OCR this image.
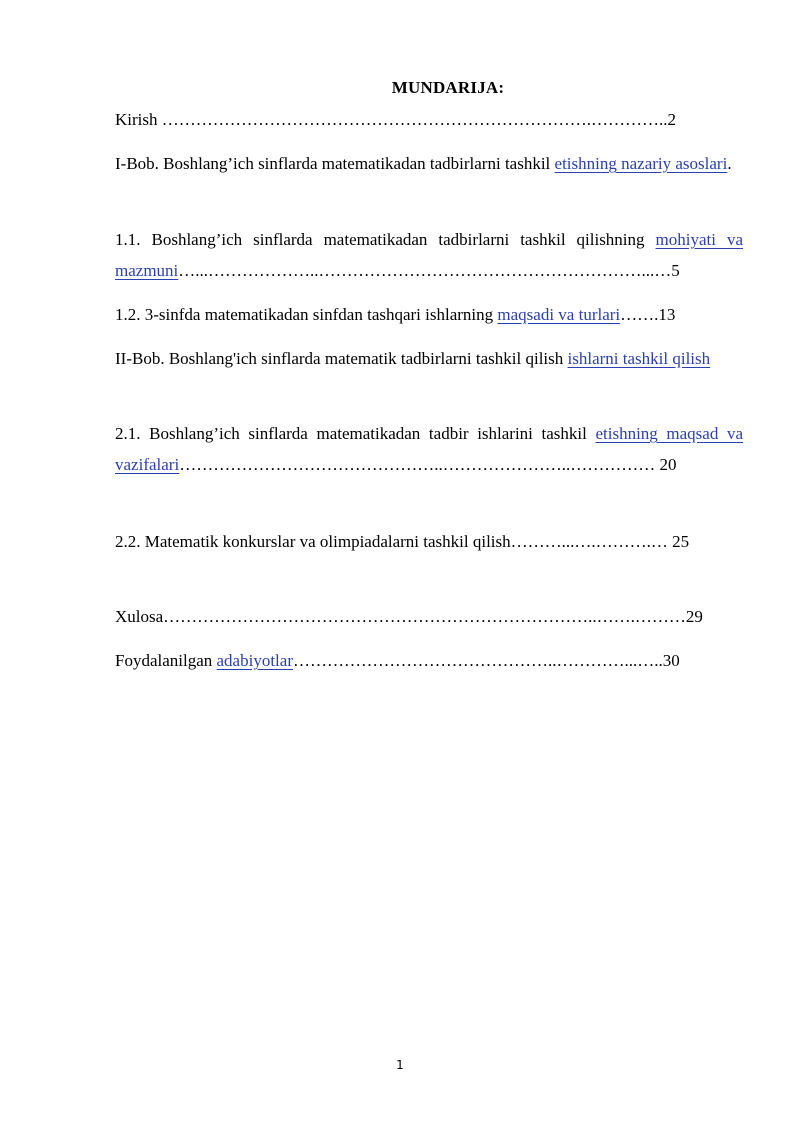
MUNDARIJA:
Kirish ………………………………………………………………….…………..2
I-Bob. Boshlang’ich sinflarda matematikadan tadbirlarni tashkil etishning nazariy asoslari.
1.1. Boshlang’ich sinflarda matematikadan tadbirlarni tashkil qilishning mohiyati va mazmuni…...………………..…………………………………………………...…5
1.2. 3-sinfda matematikadan sinfdan tashqari ishlarning maqsadi va turlari…….13
II-Bob. Boshlang'ich sinflarda matematik tadbirlarni tashkil qilish ishlarni tashkil qilish
2.1. Boshlang’ich sinflarda matematikadan tadbir ishlarini tashkil etishning maqsad va vazifalari………………………………………..…………………..…………… 20
2.2. Matematik konkurslar va olimpiadalarni tashkil qilish………...….……….… 25
Xulosa…………………………………………………………………..…….………29
Foydalanilgan adabiyotlar………………………………………..…………...…..30
1
